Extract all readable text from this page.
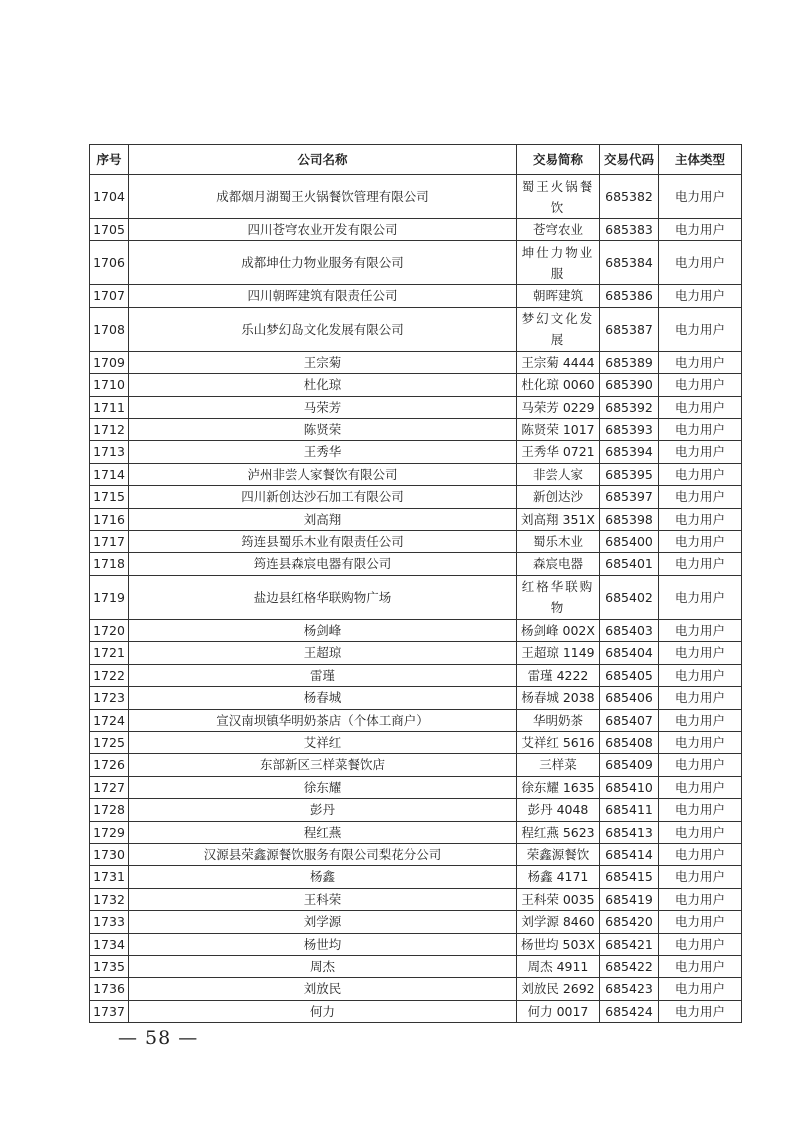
序号	公司名称	交易简称	交易代码	主体类型
1704	成都烟月湖蜀王火锅餐饮管理有限公司	蜀王火锅餐饮	685382	电力用户
1705	四川苍穹农业开发有限公司	苍穹农业	685383	电力用户
1706	成都坤仕力物业服务有限公司	坤仕力物业服	685384	电力用户
1707	四川朝晖建筑有限责任公司	朝晖建筑	685386	电力用户
1708	乐山梦幻岛文化发展有限公司	梦幻文化发展	685387	电力用户
1709	王宗菊	王宗菊 4444	685389	电力用户
1710	杜化琼	杜化琼 0060	685390	电力用户
1711	马荣芳	马荣芳 0229	685392	电力用户
1712	陈贤荣	陈贤荣 1017	685393	电力用户
1713	王秀华	王秀华 0721	685394	电力用户
1714	泸州非尝人家餐饮有限公司	非尝人家	685395	电力用户
1715	四川新创达沙石加工有限公司	新创达沙	685397	电力用户
1716	刘高翔	刘高翔 351X	685398	电力用户
1717	筠连县蜀乐木业有限责任公司	蜀乐木业	685400	电力用户
1718	筠连县森宸电器有限公司	森宸电器	685401	电力用户
1719	盐边县红格华联购物广场	红格华联购物	685402	电力用户
1720	杨剑峰	杨剑峰 002X	685403	电力用户
1721	王超琼	王超琼 1149	685404	电力用户
1722	雷瑾	雷瑾 4222	685405	电力用户
1723	杨春城	杨春城 2038	685406	电力用户
1724	宣汉南坝镇华明奶茶店（个体工商户）	华明奶茶	685407	电力用户
1725	艾祥红	艾祥红 5616	685408	电力用户
1726	东部新区三样菜餐饮店	三样菜	685409	电力用户
1727	徐东耀	徐东耀 1635	685410	电力用户
1728	彭丹	彭丹 4048	685411	电力用户
1729	程红燕	程红燕 5623	685413	电力用户
1730	汉源县荣鑫源餐饮服务有限公司梨花分公司	荣鑫源餐饮	685414	电力用户
1731	杨鑫	杨鑫 4171	685415	电力用户
1732	王科荣	王科荣 0035	685419	电力用户
1733	刘学源	刘学源 8460	685420	电力用户
1734	杨世均	杨世均 503X	685421	电力用户
1735	周杰	周杰 4911	685422	电力用户
1736	刘放民	刘放民 2692	685423	电力用户
1737	何力	何力 0017	685424	电力用户
— 58 —
